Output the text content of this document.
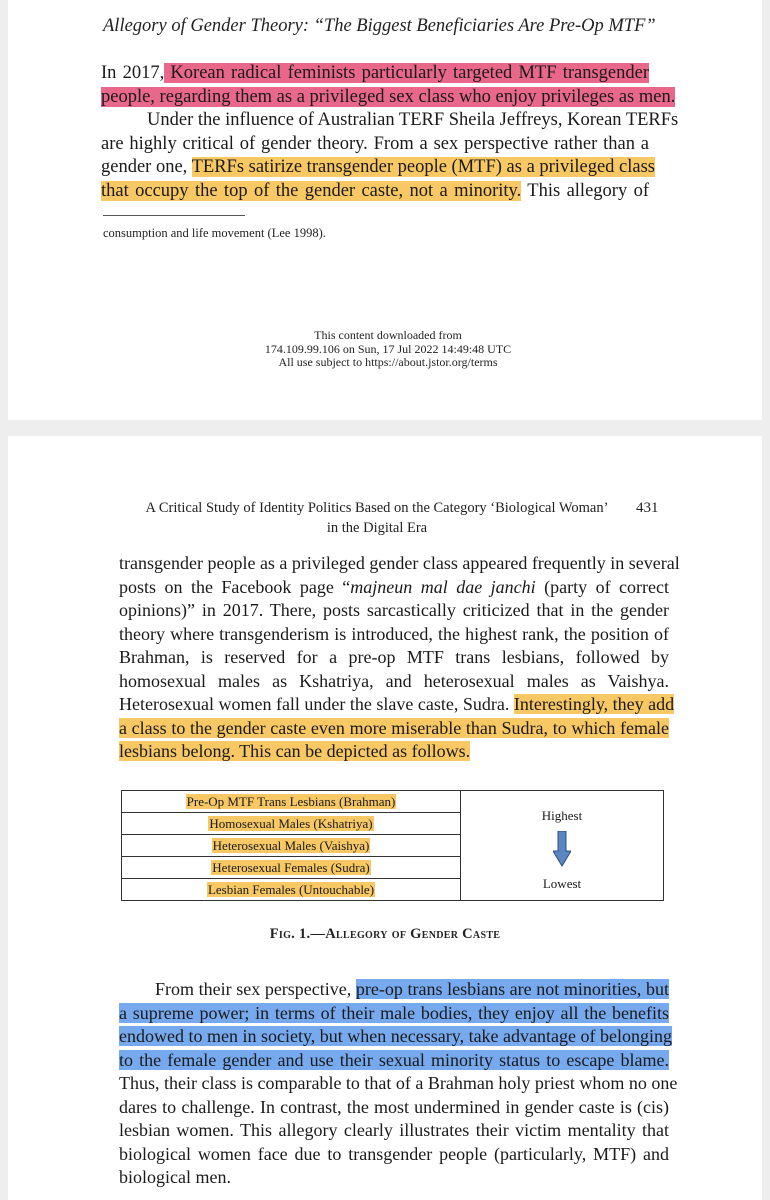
Allegory of Gender Theory: “The Biggest Beneficiaries Are Pre-Op MTF”
In 2017, Korean radical feminists particularly targeted MTF transgender
people, regarding them as a privileged sex class who enjoy privileges as men.
Under the influence of Australian TERF Sheila Jeffreys, Korean TERFs
are highly critical of gender theory. From a sex perspective rather than a
gender one, TERFs satirize transgender people (MTF) as a privileged class
that occupy the top of the gender caste, not a minority. This allegory of
consumption and life movement (Lee 1998).
This content downloaded from
174.109.99.106 on Sun, 17 Jul 2022 14:49:48 UTC
All use subject to https://about.jstor.org/terms
A Critical Study of Identity Politics Based on the Category ‘Biological Woman’
in the Digital Era
431
transgender people as a privileged gender class appeared frequently in several
posts on the Facebook page “majneun mal dae janchi (party of correct
opinions)” in 2017. There, posts sarcastically criticized that in the gender
theory where transgenderism is introduced, the highest rank, the position of
Brahman, is reserved for a pre-op MTF trans lesbians, followed by
homosexual males as Kshatriya, and heterosexual males as Vaishya.
Heterosexual women fall under the slave caste, Sudra. Interestingly, they add
a class to the gender caste even more miserable than Sudra, to which female
lesbians belong. This can be depicted as follows.
Pre-Op MTF Trans Lesbians (Brahman)	
Highest
Lowest

Homosexual Males (Kshatriya)
Heterosexual Males (Vaishya)
Heterosexual Females (Sudra)
Lesbian Females (Untouchable)
Fig. 1.—Allegory of Gender Caste
From their sex perspective, pre-op trans lesbians are not minorities, but
a supreme power; in terms of their male bodies, they enjoy all the benefits
endowed to men in society, but when necessary, take advantage of belonging
to the female gender and use their sexual minority status to escape blame.
Thus, their class is comparable to that of a Brahman holy priest whom no one
dares to challenge. In contrast, the most undermined in gender caste is (cis)
lesbian women. This allegory clearly illustrates their victim mentality that
biological women face due to transgender people (particularly, MTF) and
biological men.
